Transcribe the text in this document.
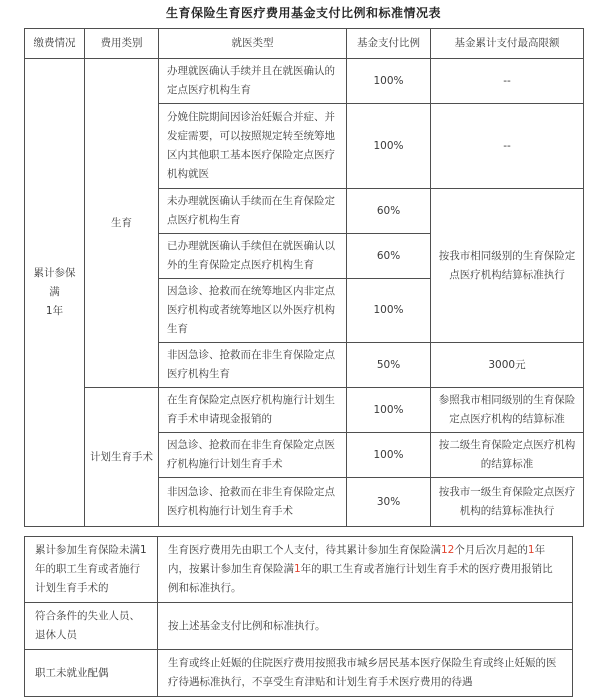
生育保险生育医疗费用基金支付比例和标准情况表
缴费情况	费用类别	就医类型	基金支付比例	基金累计支付最高限额

累计参保满
1年	生育	办理就医确认手续并且在就医确认的定点医疗机构生育	100%	--
		分娩住院期间因诊治妊娠合并症、并发症需要，可以按照规定转至统筹地区内其他职工基本医疗保险定点医疗机构就医	100%	--
		未办理就医确认手续而在生育保险定点医疗机构生育	60%	按我市相同级别的生育保险定点医疗机构结算标准执行
		已办理就医确认手续但在就医确认以外的生育保险定点医疗机构生育	60%	
		因急诊、抢救而在统筹地区内非定点医疗机构或者统筹地区以外医疗机构生育	100%	
		非因急诊、抢救而在非生育保险定点医疗机构生育	50%	3000元
	计划生育手术	在生育保险定点医疗机构施行计划生育手术申请现金报销的	100%	参照我市相同级别的生育保险定点医疗机构的结算标准
		因急诊、抢救而在非生育保险定点医疗机构施行计划生育手术	100%	按二级生育保险定点医疗机构的结算标准
		非因急诊、抢救而在非生育保险定点医疗机构施行计划生育手术	30%	按我市一级生育保险定点医疗机构的结算标准执行
累计参加生育保险未满1年的职工生育或者施行计划生育手术的	生育医疗费用先由职工个人支付，待其累计参加生育保险满12个月后次月起的1年内，按累计参加生育保险满1年的职工生育或者施行计划生育手术的医疗费用报销比例和标准执行。
符合条件的失业人员、退休人员	按上述基金支付比例和标准执行。
职工未就业配偶	生育或终止妊娠的住院医疗费用按照我市城乡居民基本医疗保险生育或终止妊娠的医疗待遇标准执行，不享受生育津贴和计划生育手术医疗费用的待遇
